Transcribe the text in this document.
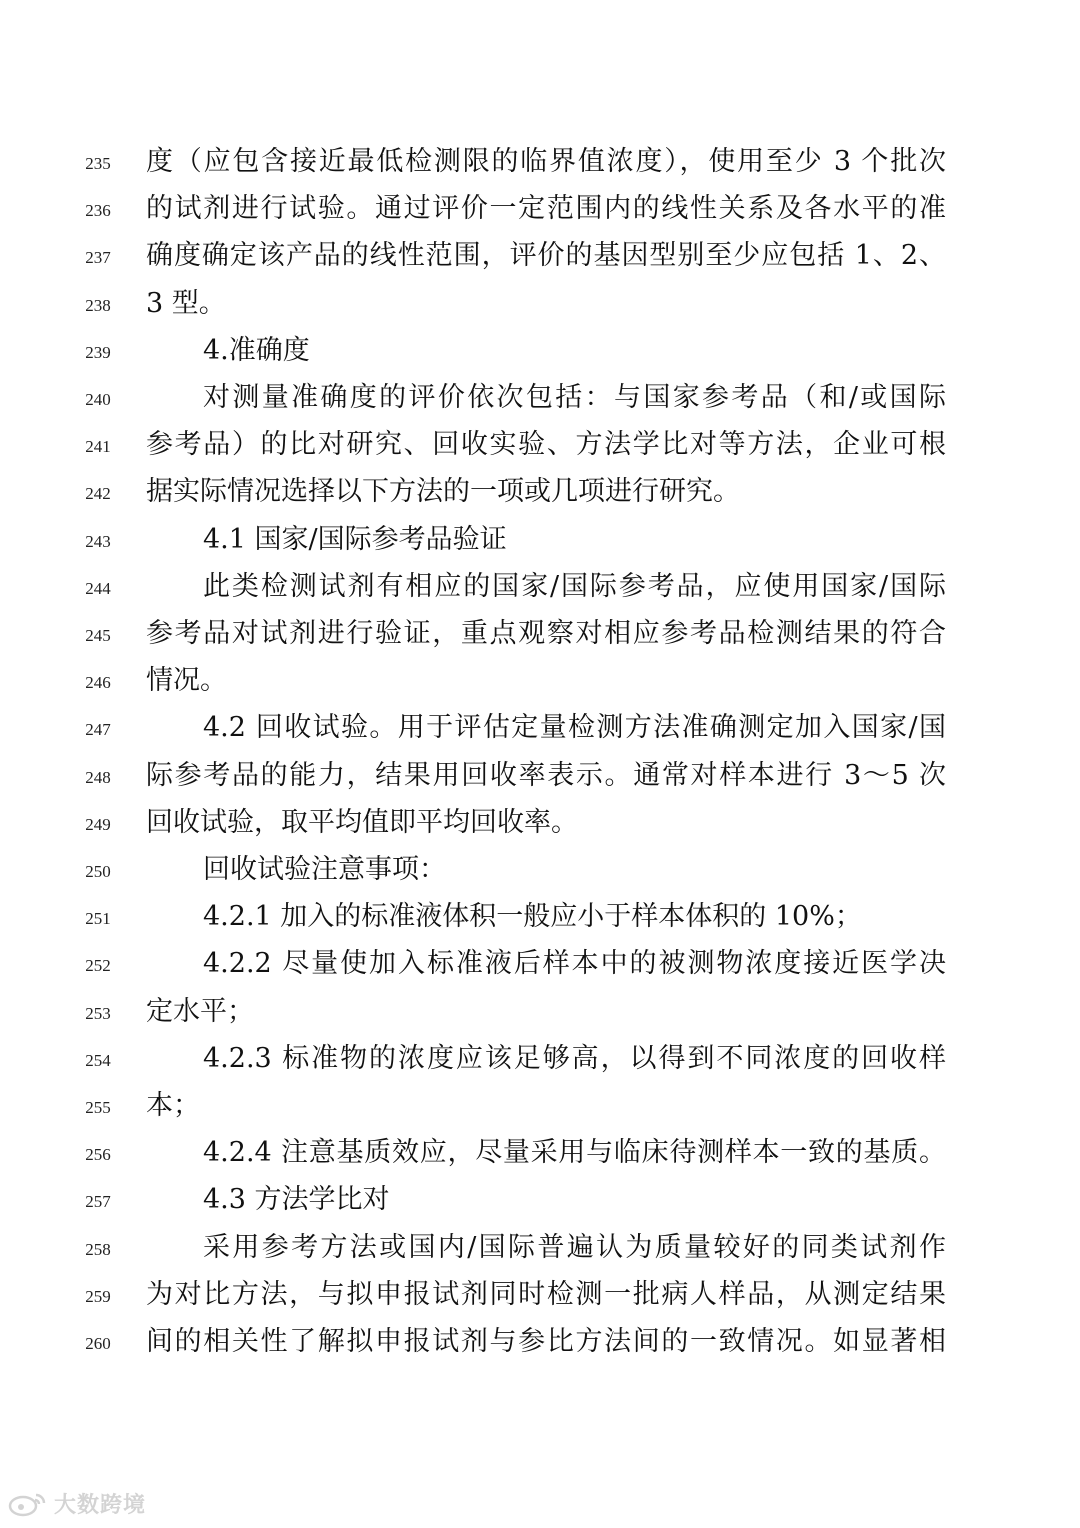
235	度（应包含接近最低检测限的临界值浓度），使用至少 3 个批次
236	的试剂进行试验。通过评价一定范围内的线性关系及各水平的准
237	确度确定该产品的线性范围，评价的基因型别至少应包括 1、2、
238	3 型。
239	4.准确度
240	对测量准确度的评价依次包括：与国家参考品（和/或国际
241	参考品）的比对研究、回收实验、方法学比对等方法，企业可根
242	据实际情况选择以下方法的一项或几项进行研究。
243	4.1 国家/国际参考品验证
244	此类检测试剂有相应的国家/国际参考品，应使用国家/国际
245	参考品对试剂进行验证，重点观察对相应参考品检测结果的符合
246	情况。
247	4.2 回收试验。用于评估定量检测方法准确测定加入国家/国
248	际参考品的能力，结果用回收率表示。通常对样本进行 3～5 次
249	回收试验，取平均值即平均回收率。
250	回收试验注意事项：
251	4.2.1 加入的标准液体积一般应小于样本体积的 10%；
252	4.2.2 尽量使加入标准液后样本中的被测物浓度接近医学决
253	定水平；
254	4.2.3 标准物的浓度应该足够高，以得到不同浓度的回收样
255	本；
256	4.2.4 注意基质效应，尽量采用与临床待测样本一致的基质。
257	4.3 方法学比对
258	采用参考方法或国内/国际普遍认为质量较好的同类试剂作
259	为对比方法，与拟申报试剂同时检测一批病人样品，从测定结果
260	间的相关性了解拟申报试剂与参比方法间的一致情况。如显著相
大数跨境
